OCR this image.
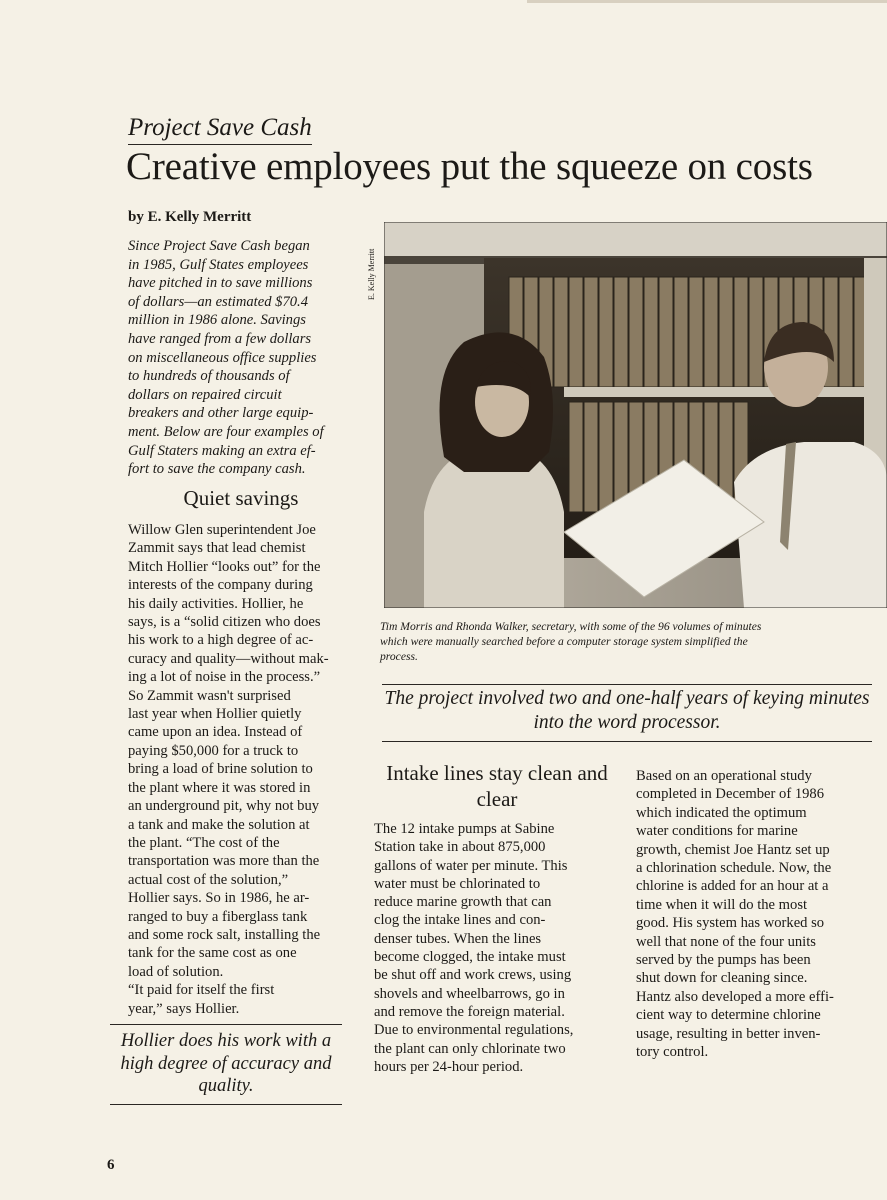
Project Save Cash
Creative employees put the squeeze on costs
by E. Kelly Merritt
Since Project Save Cash began
in 1985, Gulf States employees
have pitched in to save millions
of dollars—an estimated $70.4
million in 1986 alone. Savings
have ranged from a few dollars
on miscellaneous office supplies
to hundreds of thousands of
dollars on repaired circuit
breakers and other large equip-
ment. Below are four examples of
Gulf Staters making an extra ef-
fort to save the company cash.
Quiet savings
Willow Glen superintendent Joe
Zammit says that lead chemist
Mitch Hollier “looks out” for the
interests of the company during
his daily activities. Hollier, he
says, is a “solid citizen who does
his work to a high degree of ac-
curacy and quality—without mak-
ing a lot of noise in the process.”
So Zammit wasn't surprised
last year when Hollier quietly
came upon an idea. Instead of
paying $50,000 for a truck to
bring a load of brine solution to
the plant where it was stored in
an underground pit, why not buy
a tank and make the solution at
the plant. “The cost of the
transportation was more than the
actual cost of the solution,”
Hollier says. So in 1986, he ar-
ranged to buy a fiberglass tank
and some rock salt, installing the
tank for the same cost as one
load of solution.
“It paid for itself the first
year,” says Hollier.
Hollier does his work with a high degree of accuracy and quality.
E. Kelly Merritt
Tim Morris and Rhonda Walker, secretary, with some of the 96 volumes of minutes
which were manually searched before a computer storage system simplified the
process.
The project involved two and one-half years of keying minutes into the word processor.
Intake lines stay clean and clear
The 12 intake pumps at Sabine
Station take in about 875,000
gallons of water per minute. This
water must be chlorinated to
reduce marine growth that can
clog the intake lines and con-
denser tubes. When the lines
become clogged, the intake must
be shut off and work crews, using
shovels and wheelbarrows, go in
and remove the foreign material.
Due to environmental regulations,
the plant can only chlorinate two
hours per 24-hour period.
Based on an operational study
completed in December of 1986
which indicated the optimum
water conditions for marine
growth, chemist Joe Hantz set up
a chlorination schedule. Now, the
chlorine is added for an hour at a
time when it will do the most
good. His system has worked so
well that none of the four units
served by the pumps has been
shut down for cleaning since.
Hantz also developed a more effi-
cient way to determine chlorine
usage, resulting in better inven-
tory control.
6
